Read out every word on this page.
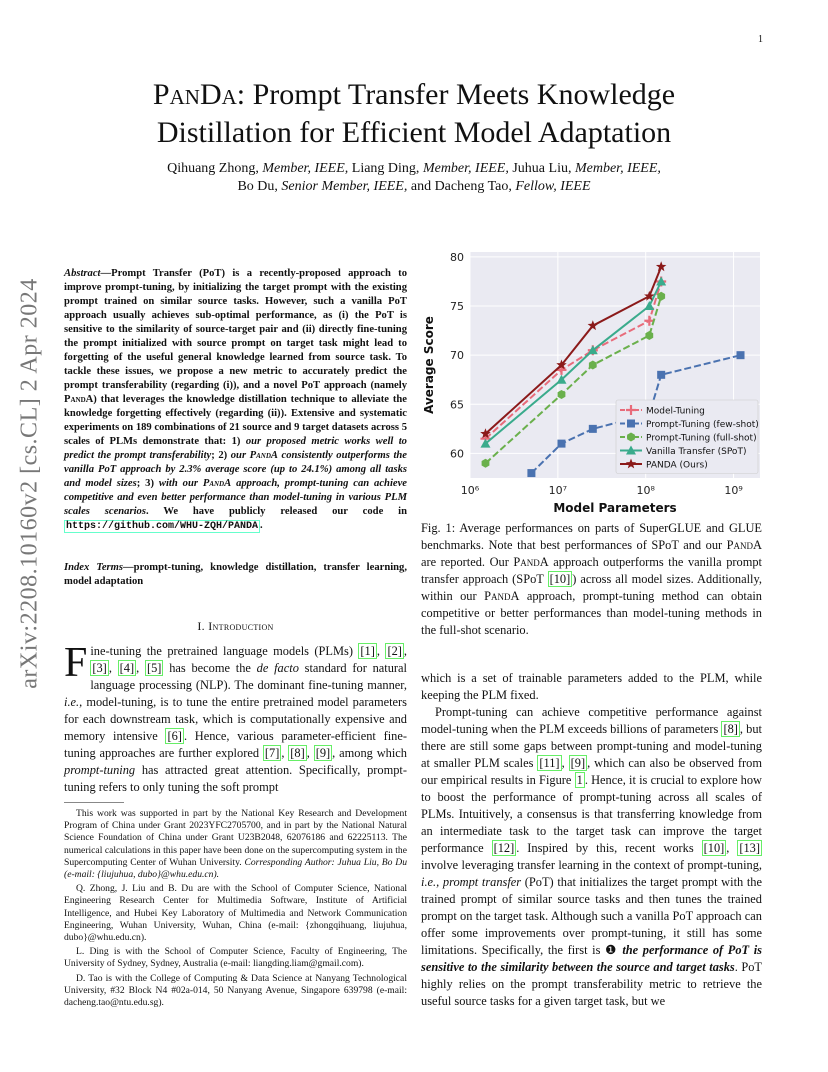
1
arXiv:2208.10160v2 [cs.CL] 2 Apr 2024
PanDa: Prompt Transfer Meets Knowledge
Distillation for Efficient Model Adaptation
Qihuang Zhong, Member, IEEE, Liang Ding, Member, IEEE, Juhua Liu, Member, IEEE,
Bo Du, Senior Member, IEEE, and Dacheng Tao, Fellow, IEEE
Abstract—Prompt Transfer (PoT) is a recently-proposed approach to improve prompt-tuning, by initializing the target prompt with the existing prompt trained on similar source tasks. However, such a vanilla PoT approach usually achieves sub-optimal performance, as (i) the PoT is sensitive to the similarity of source-target pair and (ii) directly fine-tuning the prompt initialized with source prompt on target task might lead to forgetting of the useful general knowledge learned from source task. To tackle these issues, we propose a new metric to accurately predict the prompt transferability (regarding (i)), and a novel PoT approach (namely PandA) that leverages the knowledge distillation technique to alleviate the knowledge forgetting effectively (regarding (ii)). Extensive and systematic experiments on 189 combinations of 21 source and 9 target datasets across 5 scales of PLMs demonstrate that: 1) our proposed metric works well to predict the prompt transferability; 2) our PandA consistently outperforms the vanilla PoT approach by 2.3% average score (up to 24.1%) among all tasks and model sizes; 3) with our PandA approach, prompt-tuning can achieve competitive and even better performance than model-tuning in various PLM scales scenarios. We have publicly released our code in https://github.com/WHU-ZQH/PANDA .
Index Terms—prompt-tuning, knowledge distillation, transfer learning, model adaptation
I. Introduction
Fine-tuning the pretrained language models (PLMs) [1] , [2] , [3] , [4] , [5] has become the de facto standard for natural language processing (NLP). The dominant fine-tuning manner, i.e., model-tuning, is to tune the entire pretrained model parameters for each downstream task, which is computationally expensive and memory intensive [6] . Hence, various parameter-efficient fine-tuning approaches are further explored [7] , [8] , [9] , among which prompt-tuning has attracted great attention. Specifically, prompt-tuning refers to only tuning the soft prompt

This work was supported in part by the National Key Research and Development Program of China under Grant 2023YFC2705700, and in part by the National Natural Science Foundation of China under Grant U23B2048, 62076186 and 62225113. The numerical calculations in this paper have been done on the supercomputing system in the Supercomputing Center of Wuhan University. Corresponding Author: Juhua Liu, Bo Du (e-mail: {liujuhua, dubo}@whu.edu.cn).

Q. Zhong, J. Liu and B. Du are with the School of Computer Science, National Engineering Research Center for Multimedia Software, Institute of Artificial Intelligence, and Hubei Key Laboratory of Multimedia and Network Communication Engineering, Wuhan University, Wuhan, China (e-mail: {zhongqihuang, liujuhua, dubo}@whu.edu.cn).

L. Ding is with the School of Computer Science, Faculty of Engineering, The University of Sydney, Sydney, Australia (e-mail: liangding.liam@gmail.com).

D. Tao is with the College of Computing & Data Science at Nanyang Technological University, #32 Block N4 #02a-014, 50 Nanyang Avenue, Singapore 639798 (e-mail: dacheng.tao@ntu.edu.sg).

60
65
70
75
80
10⁶	10⁷	10⁸	10⁹
Model Parameters
Average Score	Model-Tuning
Prompt-Tuning (few-shot)
Prompt-Tuning (full-shot)
Vanilla Transfer (SPoT)
PANDA (Ours)
Fig. 1: Average performances on parts of SuperGLUE and GLUE benchmarks. Note that best performances of SPoT and our PandA are reported. Our PandA approach outperforms the vanilla prompt transfer approach (SPoT [10] ) across all model sizes. Additionally, within our PandA approach, prompt-tuning method can obtain competitive or better performances than model-tuning methods in the full-shot scenario.

which is a set of trainable parameters added to the PLM, while keeping the PLM fixed.

Prompt-tuning can achieve competitive performance against model-tuning when the PLM exceeds billions of parameters [8] , but there are still some gaps between prompt-tuning and model-tuning at smaller PLM scales [11] , [9] , which can also be observed from our empirical results in Figure 1 . Hence, it is crucial to explore how to boost the performance of prompt-tuning across all scales of PLMs. Intuitively, a consensus is that transferring knowledge from an intermediate task to the target task can improve the target performance [12] . Inspired by this, recent works [10] , [13] involve leveraging transfer learning in the context of prompt-tuning, i.e., prompt transfer (PoT) that initializes the target prompt with the trained prompt of similar source tasks and then tunes the trained prompt on the target task. Although such a vanilla PoT approach can offer some improvements over prompt-tuning, it still has some limitations. Specifically, the first is ❶ the performance of PoT is sensitive to the similarity between the source and target tasks. PoT highly relies on the prompt transferability metric to retrieve the useful source tasks for a given target task, but we
